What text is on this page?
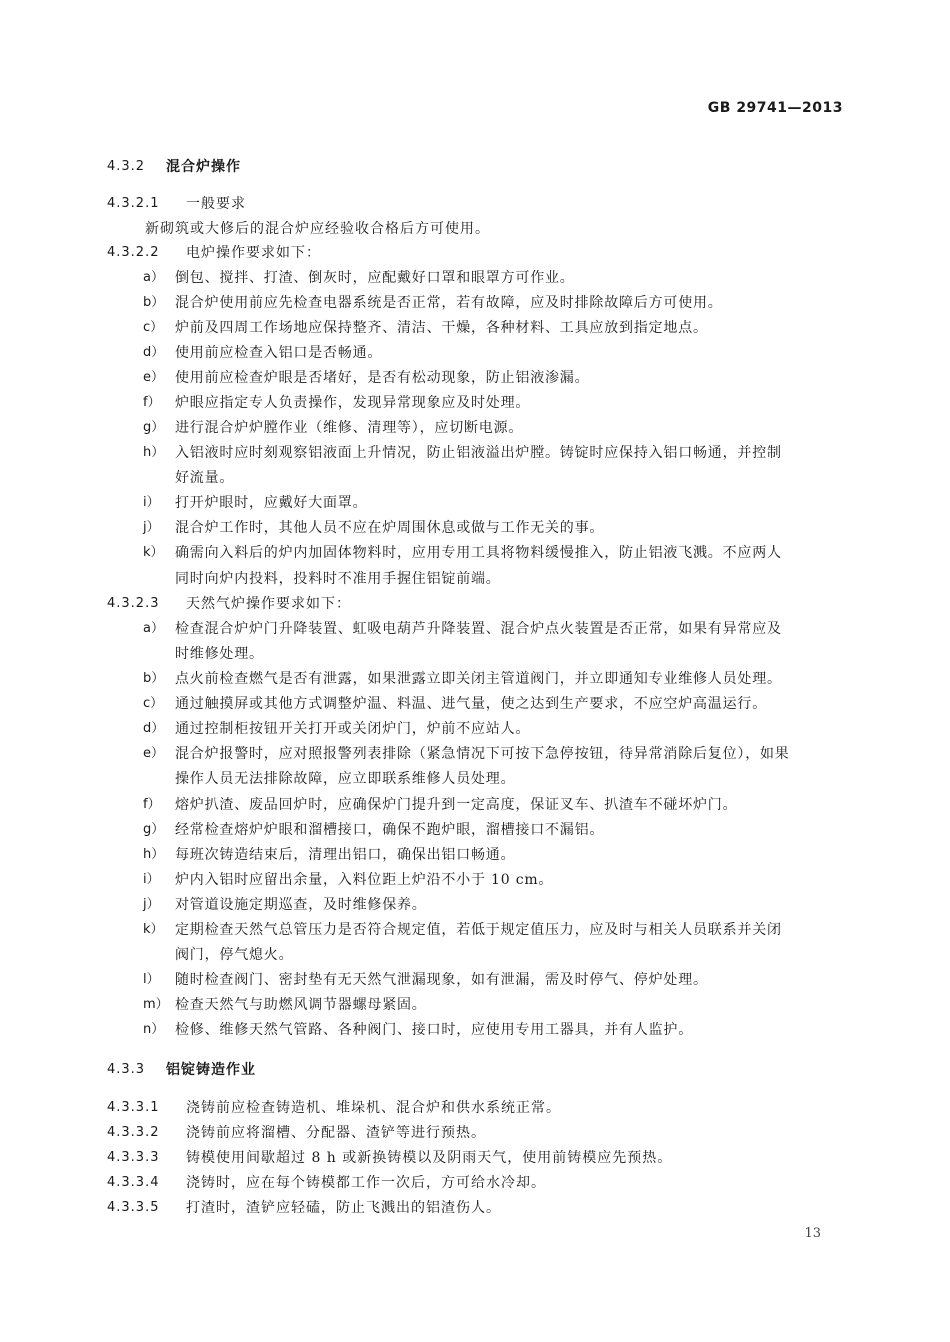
GB 29741—2013
4.3.2 混合炉操作
4.3.2.1 一般要求
新砌筑或大修后的混合炉应经验收合格后方可使用。
4.3.2.2 电炉操作要求如下：
a） 倒包、搅拌、打渣、倒灰时，应配戴好口罩和眼罩方可作业。
b） 混合炉使用前应先检查电器系统是否正常，若有故障，应及时排除故障后方可使用。
c） 炉前及四周工作场地应保持整齐、清洁、干燥，各种材料、工具应放到指定地点。
d） 使用前应检查入铝口是否畅通。
e） 使用前应检查炉眼是否堵好，是否有松动现象，防止铝液渗漏。
f）	炉眼应指定专人负责操作，发现异常现象应及时处理。
g） 进行混合炉炉膛作业（维修、清理等），应切断电源。
h） 入铝液时应时刻观察铝液面上升情况，防止铝液溢出炉膛。铸锭时应保持入铝口畅通，并控制
好流量。
i）	打开炉眼时，应戴好大面罩。
j）	混合炉工作时，其他人员不应在炉周围休息或做与工作无关的事。
k） 确需向入料后的炉内加固体物料时，应用专用工具将物料缓慢推入，防止铝液飞溅。不应两人
同时向炉内投料，投料时不准用手握住铝锭前端。
4.3.2.3 天然气炉操作要求如下：
a） 检查混合炉炉门升降装置、虹吸电葫芦升降装置、混合炉点火装置是否正常，如果有异常应及
时维修处理。
b） 点火前检查燃气是否有泄露，如果泄露立即关闭主管道阀门，并立即通知专业维修人员处理。
c） 通过触摸屏或其他方式调整炉温、料温、进气量，使之达到生产要求，不应空炉高温运行。
d） 通过控制柜按钮开关打开或关闭炉门，炉前不应站人。
e） 混合炉报警时，应对照报警列表排除（紧急情况下可按下急停按钮，待异常消除后复位），如果
操作人员无法排除故障，应立即联系维修人员处理。
f）	熔炉扒渣、废品回炉时，应确保炉门提升到一定高度，保证叉车、扒渣车不碰坏炉门。
g） 经常检查熔炉炉眼和溜槽接口，确保不跑炉眼，溜槽接口不漏铝。
h） 每班次铸造结束后，清理出铝口，确保出铝口畅通。
i）	炉内入铝时应留出余量，入料位距上炉沿不小于 10 cm。
j）	对管道设施定期巡查，及时维修保养。
k） 定期检查天然气总管压力是否符合规定值，若低于规定值压力，应及时与相关人员联系并关闭
阀门，停气熄火。
l）	随时检查阀门、密封垫有无天然气泄漏现象，如有泄漏，需及时停气、停炉处理。
m） 检查天然气与助燃风调节器螺母紧固。
n） 检修、维修天然气管路、各种阀门、接口时，应使用专用工器具，并有人监护。
4.3.3 铝锭铸造作业
4.3.3.1 浇铸前应检查铸造机、堆垛机、混合炉和供水系统正常。
4.3.3.2 浇铸前应将溜槽、分配器、渣铲等进行预热。
4.3.3.3 铸模使用间歇超过 8 h 或新换铸模以及阴雨天气，使用前铸模应先预热。
4.3.3.4 浇铸时，应在每个铸模都工作一次后，方可给水冷却。
4.3.3.5 打渣时，渣铲应轻磕，防止飞溅出的铝渣伤人。
13
